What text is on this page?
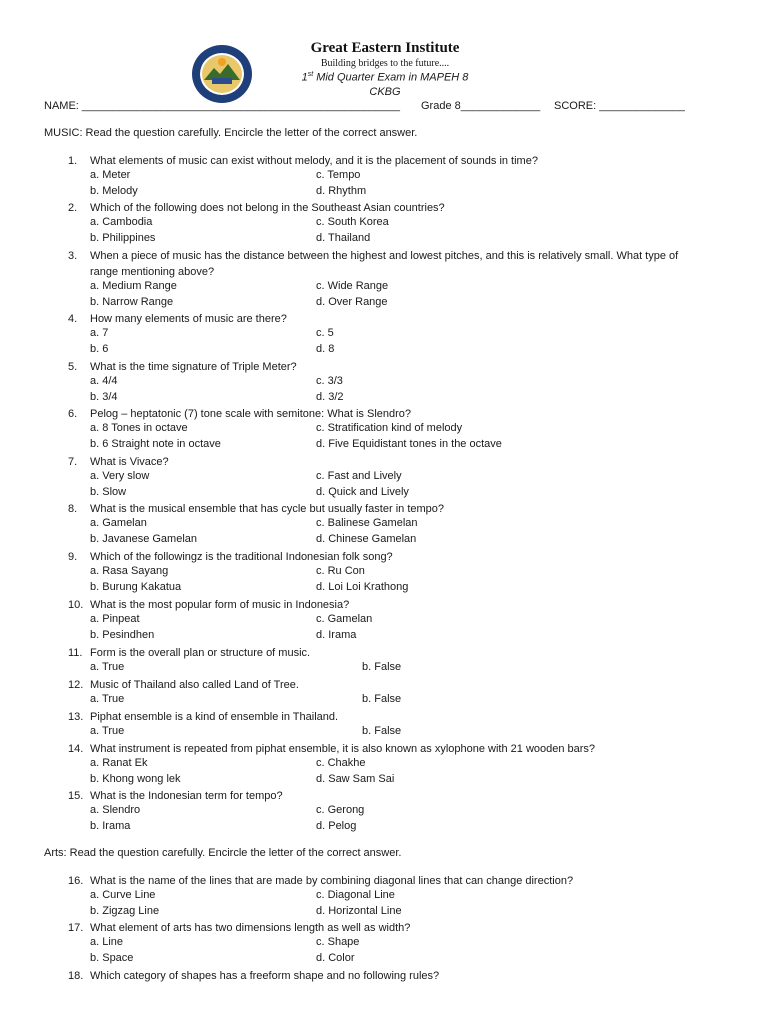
Great Eastern Institute
Building bridges to the future....
1st Mid Quarter Exam in MAPEH 8
CKBG
NAME: ____________________________________________________ Grade 8_____________ SCORE: ______________
MUSIC: Read the question carefully. Encircle the letter of the correct answer.
1.	What elements of music can exist without melody, and it is the placement of sounds in time?
a. Meter
b. Melody
c. Tempo
d. Rhythm
2.	Which of the following does not belong in the Southeast Asian countries?
a. Cambodia
b. Philippines
c. South Korea
d. Thailand
3.	When a piece of music has the distance between the highest and lowest pitches, and this is relatively small. What type of range mentioning above?
a. Medium Range
b. Narrow Range
c. Wide Range
d. Over Range
4.	How many elements of music are there?
a. 7
b. 6
c. 5
d. 8
5.	What is the time signature of Triple Meter?
a. 4/4
b. 3/4
c. 3/3
d. 3/2
6.	Pelog – heptatonic (7) tone scale with semitone: What is Slendro?
a. 8 Tones in octave
b. 6 Straight note in octave
c. Stratification kind of melody
d. Five Equidistant tones in the octave
7.	What is Vivace?
a. Very slow
b. Slow
c. Fast and Lively
d. Quick and Lively
8.	What is the musical ensemble that has cycle but usually faster in tempo?
a. Gamelan
b. Javanese Gamelan
c. Balinese Gamelan
d. Chinese Gamelan
9.	Which of the followingz is the traditional Indonesian folk song?
a. Rasa Sayang
b. Burung Kakatua
c. Ru Con
d. Loi Loi Krathong
10. What is the most popular form of music in Indonesia?
a. Pinpeat
b. Pesindhen
c. Gamelan
d. Irama
11. Form is the overall plan or structure of music.
a. True	b. False
12. Music of Thailand also called Land of Tree.
a. True	b. False
13. Piphat ensemble is a kind of ensemble in Thailand.
a. True	b. False
14. What instrument is repeated from piphat ensemble, it is also known as xylophone with 21 wooden bars?
a. Ranat Ek
b. Khong wong lek
c. Chakhe
d. Saw Sam Sai
15. What is the Indonesian term for tempo?
a. Slendro
b. Irama
c. Gerong
d. Pelog
16. What is the name of the lines that are made by combining diagonal lines that can change direction?
a. Curve Line
b. Zigzag Line
c. Diagonal Line
d. Horizontal Line
17. What element of arts has two dimensions length as well as width?
a. Line
b. Space
c. Shape
d. Color
18. Which category of shapes has a freeform shape and no following rules?
Arts: Read the question carefully. Encircle the letter of the correct answer.
